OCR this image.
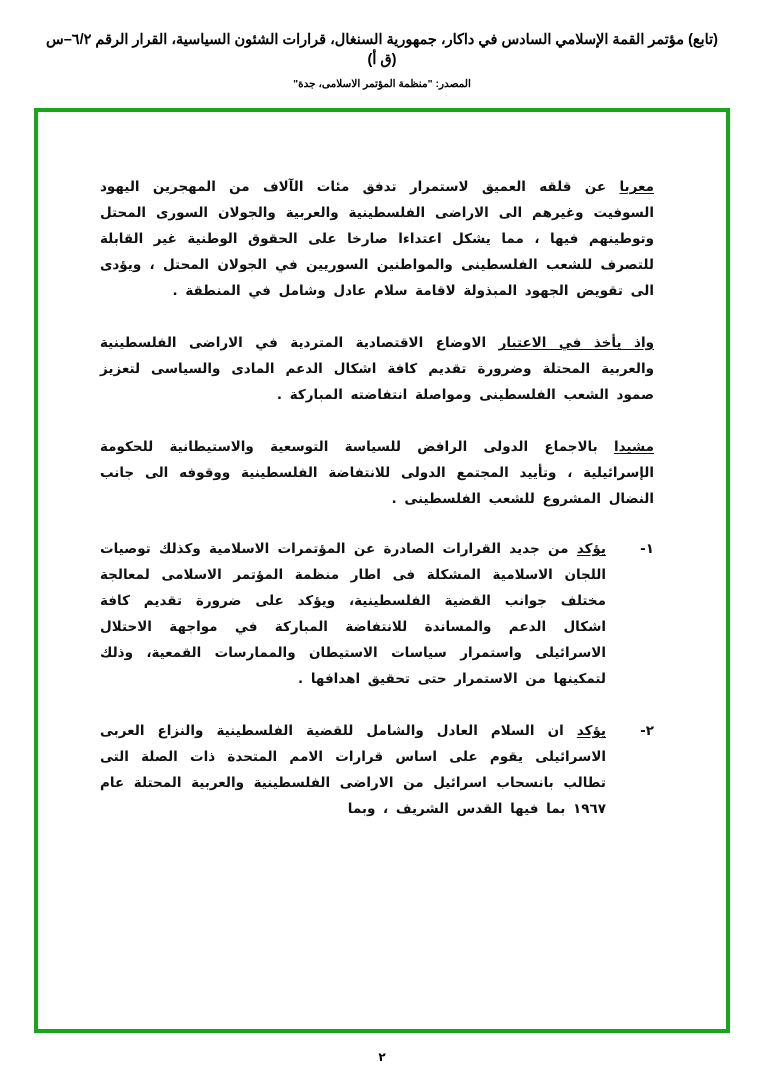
(تابع) مؤتمر القمة الإسلامي السادس في داكار، جمهورية السنغال، قرارات الشئون السياسية، القرار الرقم ٦/٢–س (ق أ)
المصدر: "منظمة المؤتمر الاسلامى، جدة"

معربا عن قلقه العميق لاستمرار تدفق مئات الآلاف من المهجرين اليهود السوفيت وغيرهم الى الاراضى الفلسطينية والعربية والجولان السورى المحتل وتوطينهم فيها ، مما يشكل اعتداءا صارخا على الحقوق الوطنية غير القابلة للتصرف للشعب الفلسطينى والمواطنين السوريين في الجولان المحتل ، ويؤدى الى تقويض الجهود المبذولة لاقامة سلام عادل وشامل في المنطقة .

واذ يأخذ في الاعتبار الاوضاع الاقتصادية المتردية في الاراضى الفلسطينية والعربية المحتلة وضرورة تقديم كافة اشكال الدعم المادى والسياسى لتعزيز صمود الشعب الفلسطينى ومواصلة انتفاضته المباركة .

مشيدا بالاجماع الدولى الرافض للسياسة التوسعية والاستيطانية للحكومة الإسرائيلية ، وتأييد المجتمع الدولى للانتفاضة الفلسطينية ووقوفه الى جانب النضال المشروع للشعب الفلسطينى .

١-
يؤكد من جديد القرارات الصادرة عن المؤتمرات الاسلامية وكذلك توصيات اللجان الاسلامية المشكلة فى اطار منظمة المؤتمر الاسلامى لمعالجة مختلف جوانب القضية الفلسطينية، ويؤكد على ضرورة تقديم كافة اشكال الدعم والمساندة للانتفاضة المباركة في مواجهة الاحتلال الاسرائيلى واستمرار سياسات الاستيطان والممارسات القمعية، وذلك لتمكينها من الاستمرار حتى تحقيق اهدافها .
٢-
يؤكد ان السلام العادل والشامل للقضية الفلسطينية والنزاع العربى الاسرائيلى يقوم على اساس قرارات الامم المتحدة ذات الصلة التى تطالب بانسحاب اسرائيل من الاراضى الفلسطينية والعربية المحتلة عام ١٩٦٧ بما فيها القدس الشريف ، وبما
٢
